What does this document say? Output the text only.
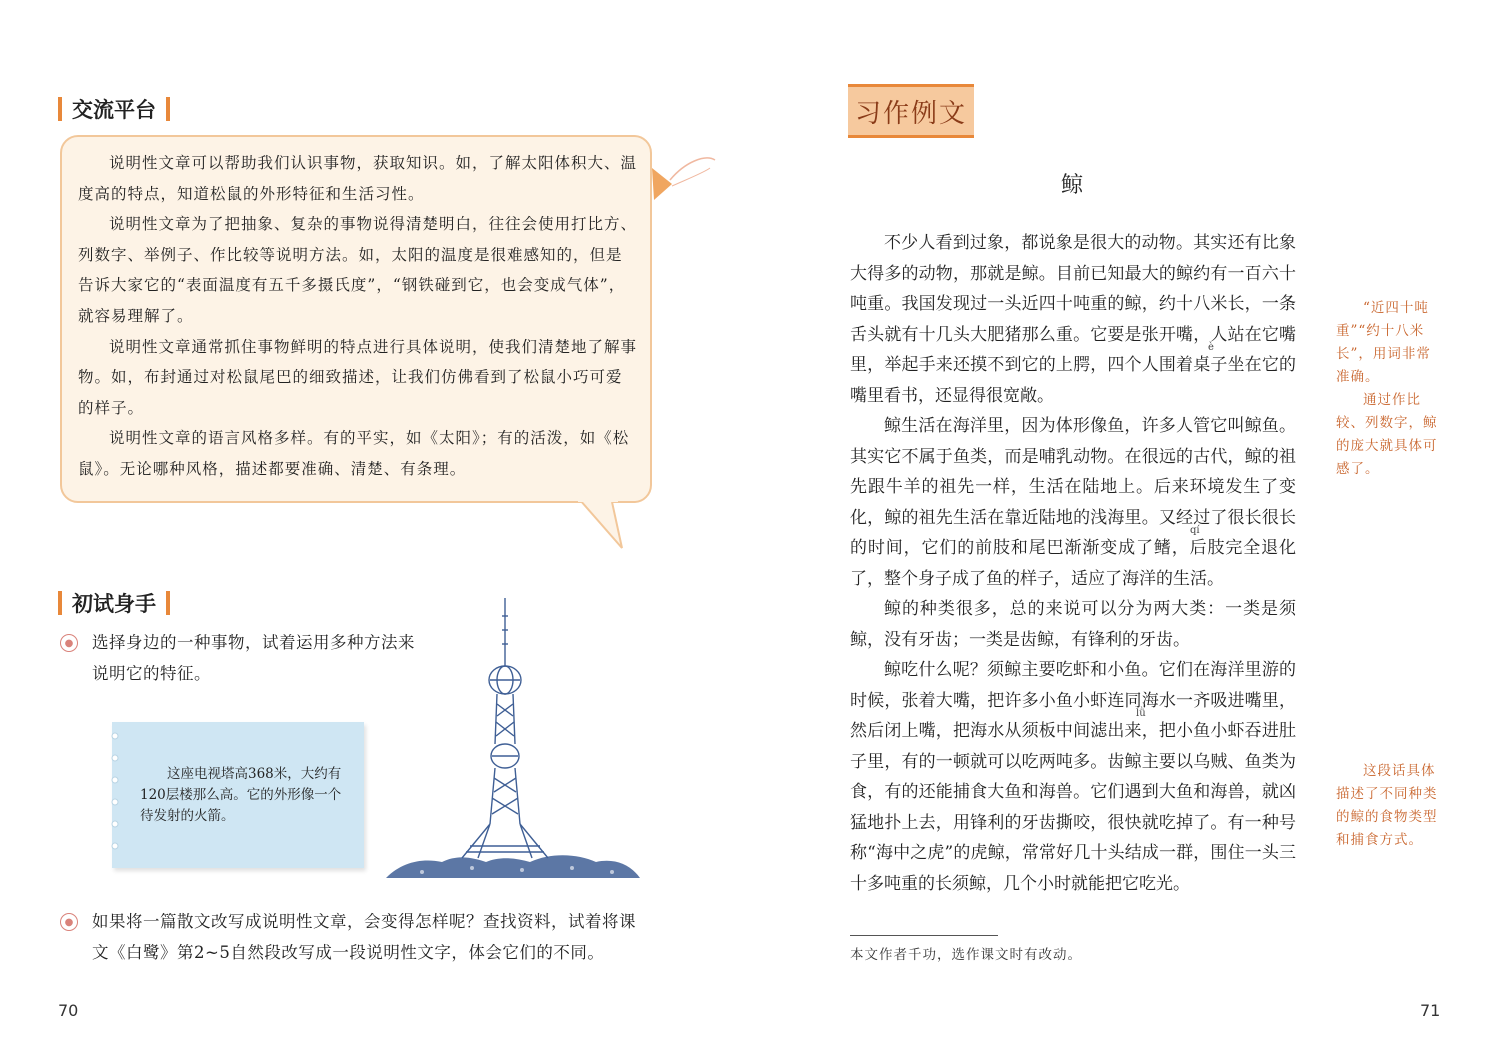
交流平台

说明性文章可以帮助我们认识事物，获取知识。如，了解太阳体积大、温度高的特点，知道松鼠的外形特征和生活习性。

说明性文章为了把抽象、复杂的事物说得清楚明白，往往会使用打比方、列数字、举例子、作比较等说明方法。如，太阳的温度是很难感知的，但是告诉大家它的“表面温度有五千多摄氏度”，“钢铁碰到它，也会变成气体”，就容易理解了。

说明性文章通常抓住事物鲜明的特点进行具体说明，使我们清楚地了解事物。如，布封通过对松鼠尾巴的细致描述，让我们仿佛看到了松鼠小巧可爱的样子。

说明性文章的语言风格多样。有的平实，如《太阳》；有的活泼，如《松鼠》。无论哪种风格，描述都要准确、清楚、有条理。

初试身手
● 选择身边的一种事物，试着运用多种方法来
说明它的特征。
这座电视塔高368米，大约有120层楼那么高。它的外形像一个待发射的火箭。
● 如果将一篇散文改写成说明性文章，会变得怎样呢？查找资料，试着将课
文《白鹭》第2~5自然段改写成一段说明性文字，体会它们的不同。
70
习作例文
鲸

不少人看到过象，都说象是很大的动物。其实还有比象大得多的动物，那就是鲸。目前已知最大的鲸约有一百六十吨重。我国发现过一头近四十吨重的鲸，约十八米长，一条舌头就有十几头大肥猪那么重。它要是张开嘴，人站在它嘴里，举起手来还摸不到它的上腭，四个人围着桌子坐在它的嘴里看书，还显得很宽敞。

鲸生活在海洋里，因为体形像鱼，许多人管它叫鲸鱼。其实它不属于鱼类，而是哺乳动物。在很远的古代，鲸的祖先跟牛羊的祖先一样，生活在陆地上。后来环境发生了变化，鲸的祖先生活在靠近陆地的浅海里。又经过了很长很长的时间，它们的前肢和尾巴渐渐变成了鳍，后肢完全退化了，整个身子成了鱼的样子，适应了海洋的生活。

鲸的种类很多，总的来说可以分为两大类：一类是须鲸，没有牙齿；一类是齿鲸，有锋利的牙齿。

鲸吃什么呢？须鲸主要吃虾和小鱼。它们在海洋里游的时候，张着大嘴，把许多小鱼小虾连同海水一齐吸进嘴里，然后闭上嘴，把海水从须板中间滤出来，把小鱼小虾吞进肚子里，有的一顿就可以吃两吨多。齿鲸主要以乌贼、鱼类为食，有的还能捕食大鱼和海兽。它们遇到大鱼和海兽，就凶猛地扑上去，用锋利的牙齿撕咬，很快就吃掉了。有一种号称“海中之虎”的虎鲸，常常好几十头结成一群，围住一头三十多吨重的长须鲸，几个小时就能把它吃光。

è
qí
lǜ
本文作者千功，选作课文时有改动。

“近四十吨重”“约十八米长”，用词非常准确。

通过作比较、列数字，鲸的庞大就具体可感了。

这段话具体描述了不同种类的鲸的食物类型和捕食方式。

71
